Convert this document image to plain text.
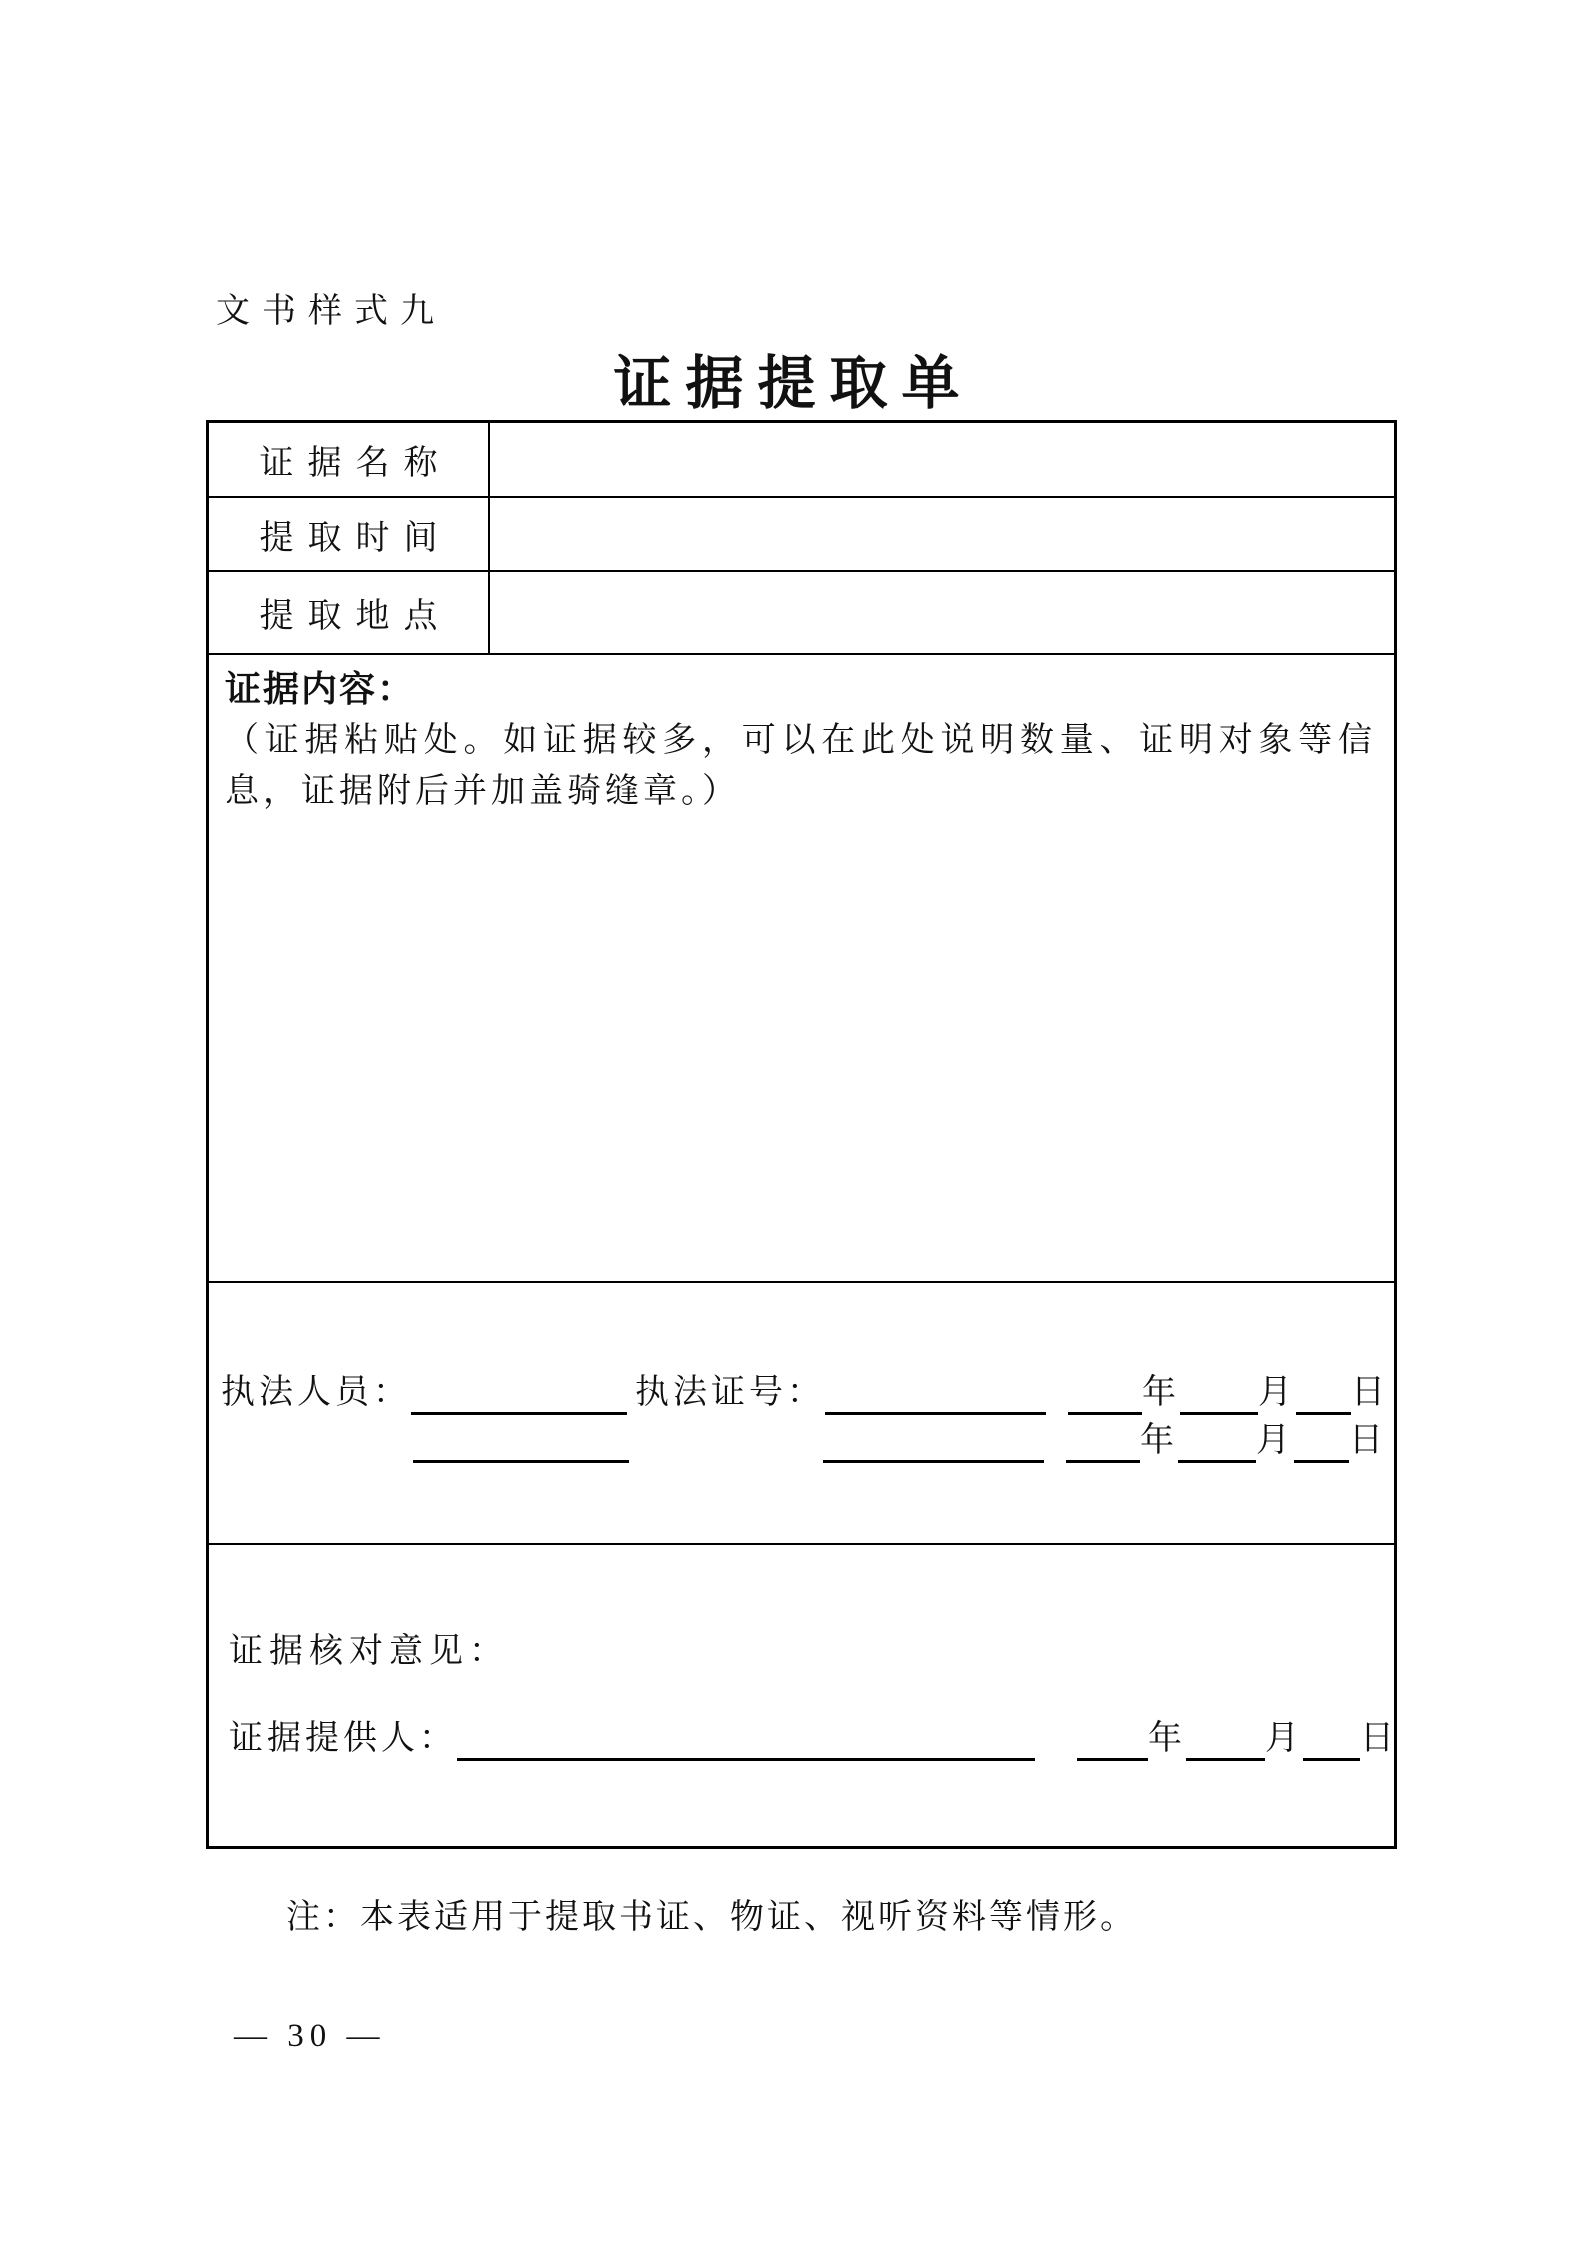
文书样式九
证据提取单
证据名称
提取时间
提取地点
证据内容：
（证据粘贴处。如证据较多，可以在此处说明数量、证明对象等信息，证据附后并加盖骑缝章。）
执法人员：	执法证号：	年 月 日
年 月 日
证据核对意见：
证据提供人：	年 月 日
注：本表适用于提取书证、物证、视听资料等情形。
— 30 —
